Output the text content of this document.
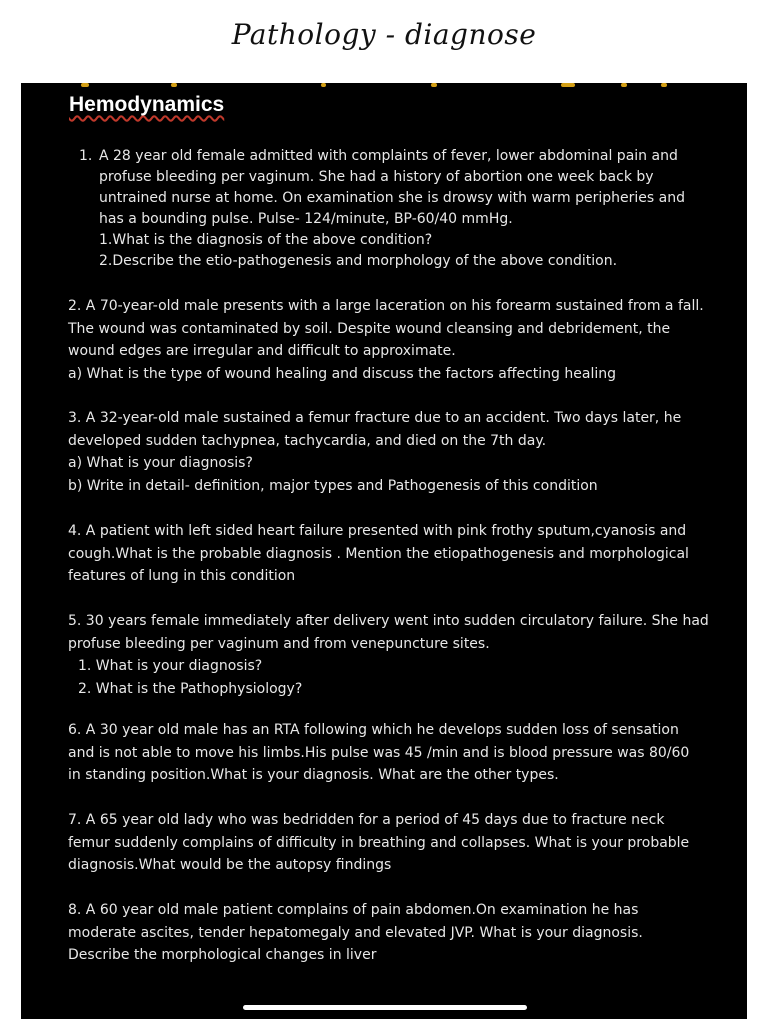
Pathology - diagnose
Hemodynamics
1. A 28 year old female admitted with complaints of fever, lower abdominal pain and
profuse bleeding per vaginum. She had a history of abortion one week back by
untrained nurse at home. On examination she is drowsy with warm peripheries and
has a bounding pulse. Pulse- 124/minute, BP-60/40 mmHg.
1.What is the diagnosis of the above condition?
2.Describe the etio-pathogenesis and morphology of the above condition.
2. A 70-year-old male presents with a large laceration on his forearm sustained from a fall.
The wound was contaminated by soil. Despite wound cleansing and debridement, the
wound edges are irregular and difficult to approximate.
a) What is the type of wound healing and discuss the factors affecting healing
3. A 32-year-old male sustained a femur fracture due to an accident. Two days later, he
developed sudden tachypnea, tachycardia, and died on the 7th day.
a) What is your diagnosis?
b) Write in detail- definition, major types and Pathogenesis of this condition
4. A patient with left sided heart failure presented with pink frothy sputum,cyanosis and
cough.What is the probable diagnosis . Mention the etiopathogenesis and morphological
features of lung in this condition
5. 30 years female immediately after delivery went into sudden circulatory failure. She had
profuse bleeding per vaginum and from venepuncture sites.
1. What is your diagnosis?
2. What is the Pathophysiology?
6. A 30 year old male has an RTA following which he develops sudden loss of sensation
and is not able to move his limbs.His pulse was 45 /min and is blood pressure was 80/60
in standing position.What is your diagnosis. What are the other types.
7. A 65 year old lady who was bedridden for a period of 45 days due to fracture neck
femur suddenly complains of difficulty in breathing and collapses. What is your probable
diagnosis.What would be the autopsy findings
8. A 60 year old male patient complains of pain abdomen.On examination he has
moderate ascites, tender hepatomegaly and elevated JVP. What is your diagnosis.
Describe the morphological changes in liver
